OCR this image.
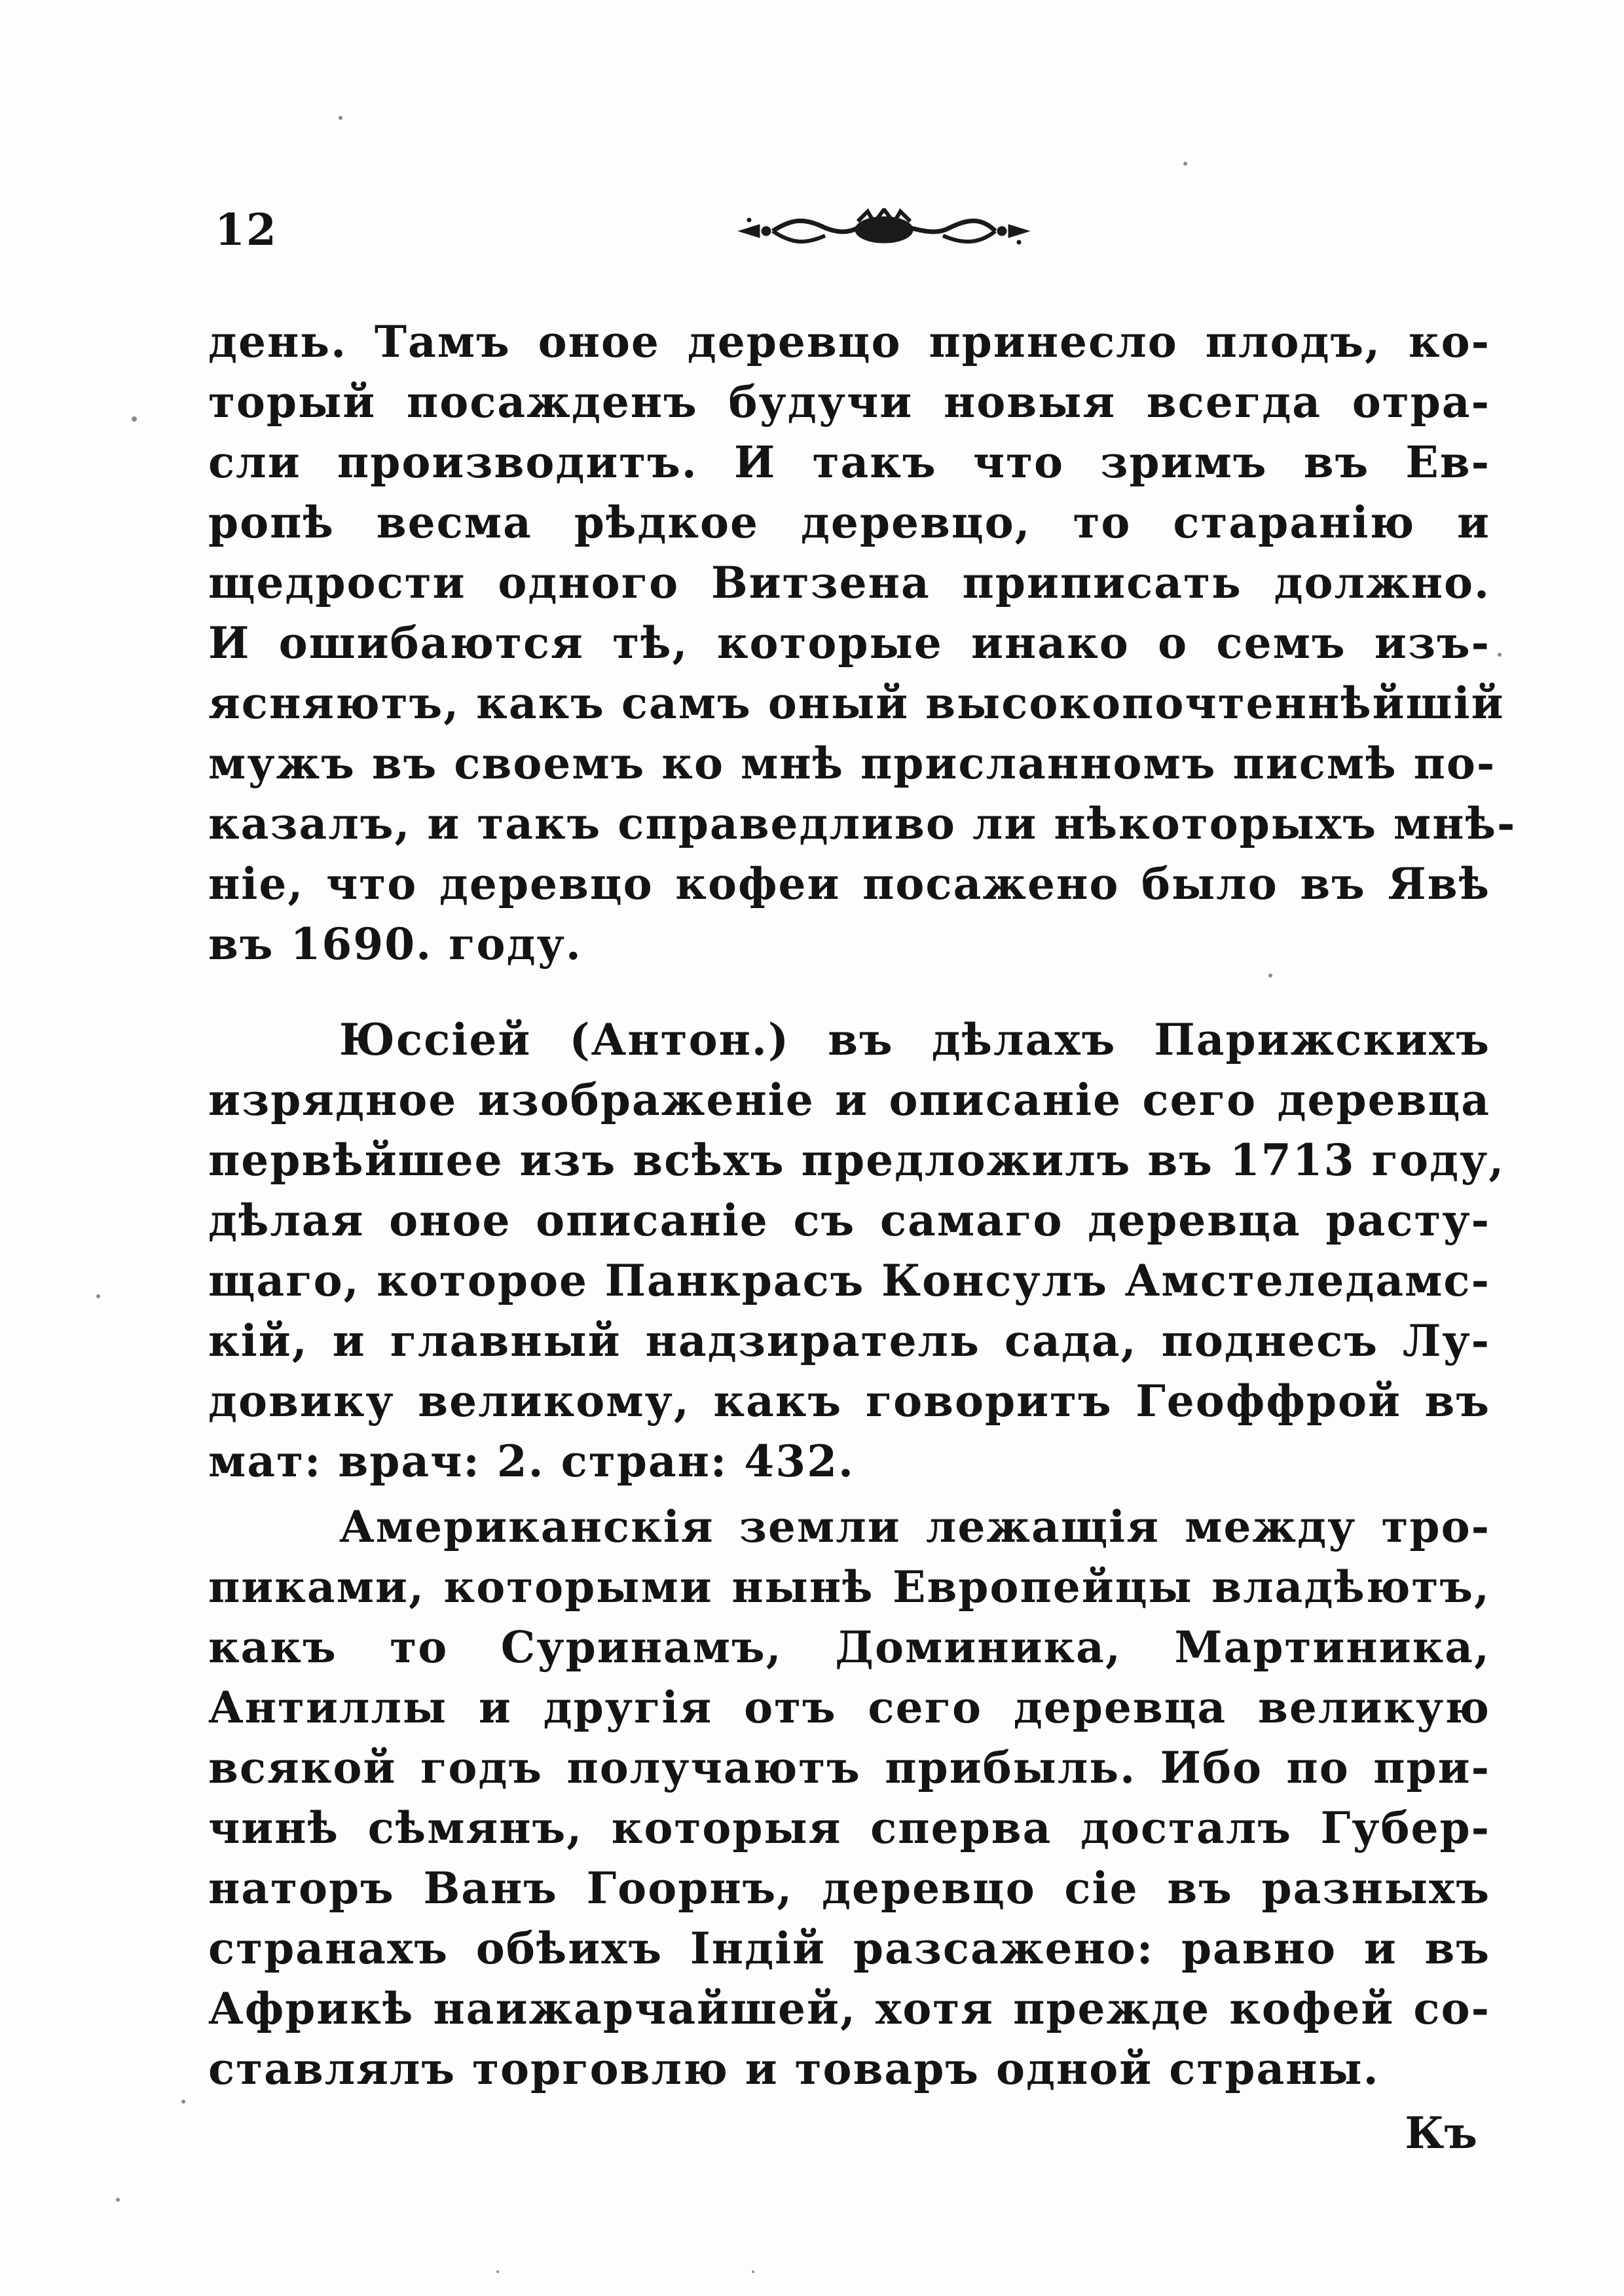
12
день. Тамъ оное деревцо принесло плодъ, ко-
торый посажденъ будучи новыя всегда отра-
сли производитъ. И такъ что зримъ въ Ев-
ропѣ весма рѣдкое деревцо, то старанію и
щедрости одного Витзена приписать должно.
И ошибаются тѣ, которые инако о семъ изъ-
ясняютъ, какъ самъ оный высокопочтеннѣйшій
мужъ въ своемъ ко мнѣ присланномъ писмѣ по-
казалъ, и такъ справедливо ли нѣкоторыхъ мнѣ-
ніе, что деревцо кофеи посажено было въ Явѣ
въ 1690. году.
Юссіей (Антон.) въ дѣлахъ Парижскихъ
изрядное изображеніе и описаніе сего деревца
первѣйшее изъ всѣхъ предложилъ въ 1713 году,
дѣлая оное описаніе съ самаго деревца расту-
щаго, которое Панкрасъ Консулъ Амстеледамс-
кій, и главный надзиратель сада, поднесъ Лу-
довику великому, какъ говоритъ Геоффрой въ
мат: врач: 2. стран: 432.
Американскія земли лежащія между тро-
пиками, которыми нынѣ Европейцы владѣютъ,
какъ то Суринамъ, Доминика, Мартиника,
Антиллы и другія отъ сего деревца великую
всякой годъ получаютъ прибыль. Ибо по при-
чинѣ сѣмянъ, которыя сперва досталъ Губер-
наторъ Ванъ Гоорнъ, деревцо сіе въ разныхъ
странахъ обѣихъ Індій разсажено: равно и въ
Африкѣ наижарчайшей, хотя прежде кофей со-
ставлялъ торговлю и товаръ одной страны.
Къ
